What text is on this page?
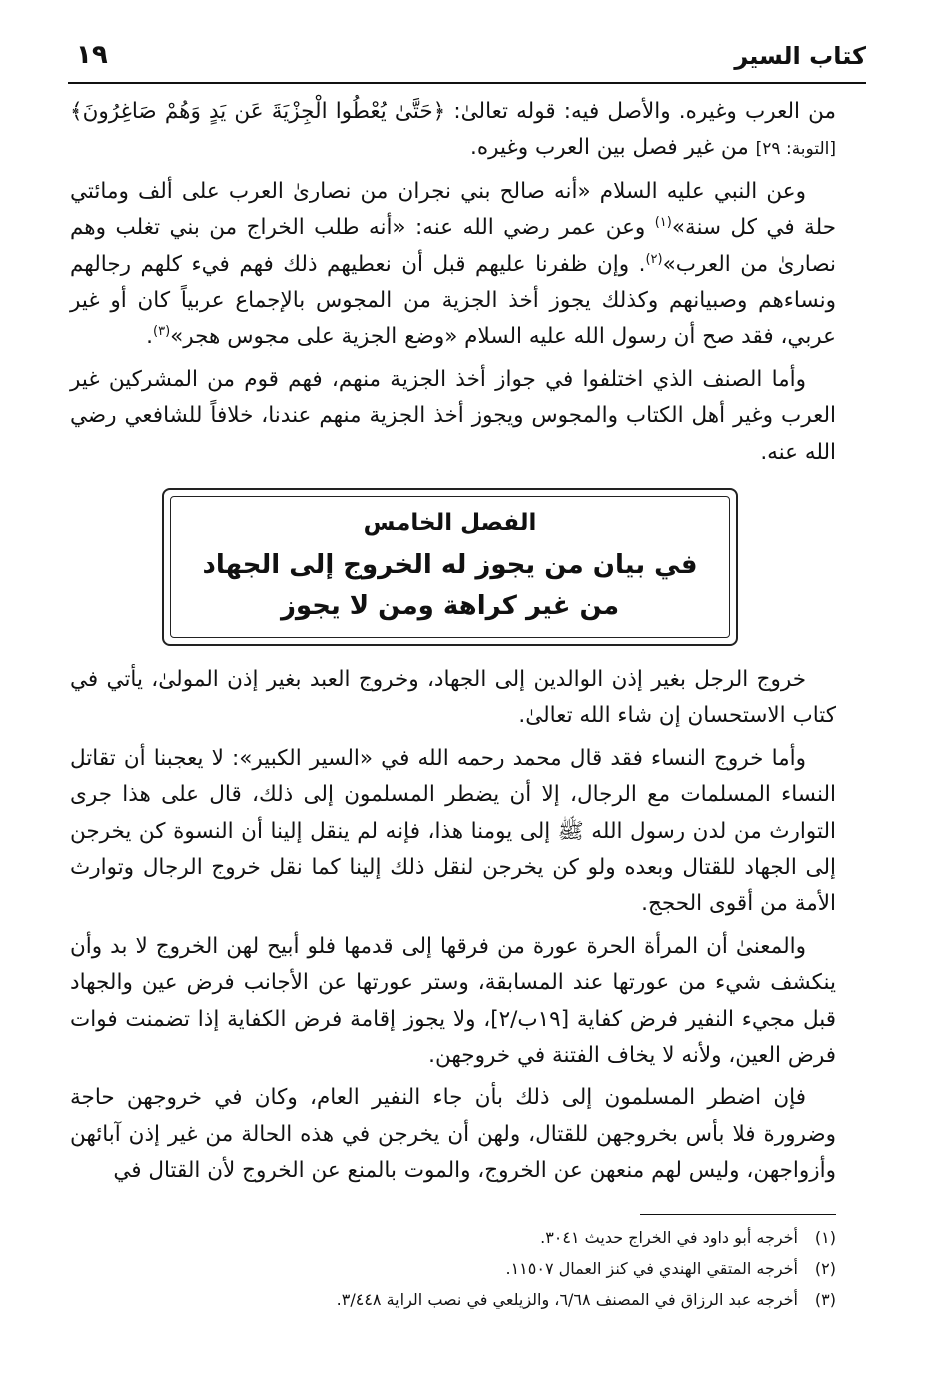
١٩	كتاب السير

من العرب وغيره. والأصل فيه: قوله تعالىٰ: ﴿حَتَّىٰ يُعْطُوا الْجِزْيَةَ عَن يَدٍ وَهُمْ صَاغِرُونَ﴾ [التوبة: ٢٩] من غير فصل بين العرب وغيره.

وعن النبي عليه السلام «أنه صالح بني نجران من نصارىٰ العرب على ألف ومائتي حلة في كل سنة»$^{(١)}$ وعن عمر رضي الله عنه: «أنه طلب الخراج من بني تغلب وهم نصارىٰ من العرب»$^{(٢)}$. وإن ظفرنا عليهم قبل أن نعطيهم ذلك فهم فيء كلهم رجالهم ونساءهم وصبيانهم وكذلك يجوز أخذ الجزية من المجوس بالإجماع عربياً كان أو غير عربي، فقد صح أن رسول الله عليه السلام «وضع الجزية على مجوس هجر»$^{(٣)}$.

وأما الصنف الذي اختلفوا في جواز أخذ الجزية منهم، فهم قوم من المشركين غير العرب وغير أهل الكتاب والمجوس ويجوز أخذ الجزية منهم عندنا، خلافاً للشافعي رضي الله عنه.

الفصل الخامس
في بيان من يجوز له الخروج إلى الجهاد
من غير كراهة ومن لا يجوز

خروج الرجل بغير إذن الوالدين إلى الجهاد، وخروج العبد بغير إذن المولىٰ، يأتي في كتاب الاستحسان إن شاء الله تعالىٰ.

وأما خروج النساء فقد قال محمد رحمه الله في «السير الكبير»: لا يعجبنا أن تقاتل النساء المسلمات مع الرجال، إلا أن يضطر المسلمون إلى ذلك، قال على هذا جرى التوارث من لدن رسول الله ﷺ إلى يومنا هذا، فإنه لم ينقل إلينا أن النسوة كن يخرجن إلى الجهاد للقتال وبعده ولو كن يخرجن لنقل ذلك إلينا كما نقل خروج الرجال وتوارث الأمة من أقوى الحجج.

والمعنىٰ أن المرأة الحرة عورة من فرقها إلى قدمها فلو أبيح لهن الخروج لا بد وأن ينكشف شيء من عورتها عند المسابقة، وستر عورتها عن الأجانب فرض عين والجهاد قبل مجيء النفير فرض كفاية [١٩ب/٢]، ولا يجوز إقامة فرض الكفاية إذا تضمنت فوات فرض العين، ولأنه لا يخاف الفتنة في خروجهن.

فإن اضطر المسلمون إلى ذلك بأن جاء النفير العام، وكان في خروجهن حاجة وضرورة فلا بأس بخروجهن للقتال، ولهن أن يخرجن في هذه الحالة من غير إذن آبائهن وأزواجهن، وليس لهم منعهن عن الخروج، والموت بالمنع عن الخروج لأن القتال في

(١)أخرجه أبو داود في الخراج حديث ٣٠٤١.
(٢)أخرجه المتقي الهندي في كنز العمال ١١٥٠٧.
(٣)أخرجه عبد الرزاق في المصنف ٦/٦٨، والزيلعي في نصب الراية ٣/٤٤٨.
